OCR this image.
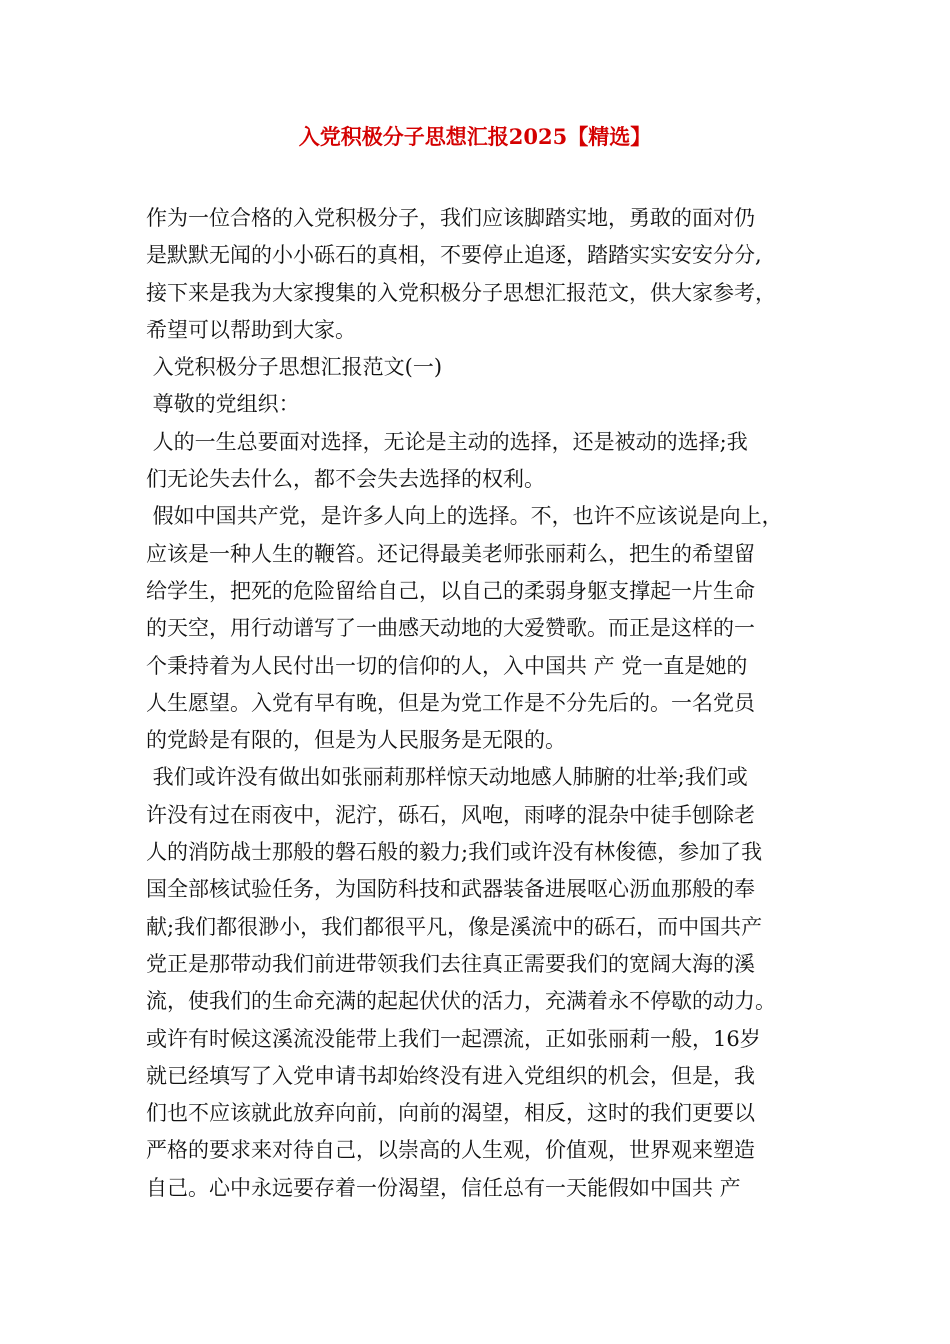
入党积极分子思想汇报2025【精选】

作为一位合格的入党积极分子，我们应该脚踏实地，勇敢的面对仍

是默默无闻的小小砾石的真相，不要停止追逐，踏踏实实安安分分,

接下来是我为大家搜集的入党积极分子思想汇报范文，供大家参考，

希望可以帮助到大家。

入党积极分子思想汇报范文(一)

尊敬的党组织：

人的一生总要面对选择，无论是主动的选择，还是被动的选择;我

们无论失去什么，都不会失去选择的权利。

假如中国共产党，是许多人向上的选择。不，也许不应该说是向上，

应该是一种人生的鞭笞。还记得最美老师张丽莉么，把生的希望留

给学生，把死的危险留给自己，以自己的柔弱身躯支撑起一片生命

的天空，用行动谱写了一曲感天动地的大爱赞歌。而正是这样的一

个秉持着为人民付出一切的信仰的人，入中国共 产 党一直是她的

人生愿望。入党有早有晚，但是为党工作是不分先后的。一名党员

的党龄是有限的，但是为人民服务是无限的。

我们或许没有做出如张丽莉那样惊天动地感人肺腑的壮举;我们或

许没有过在雨夜中，泥泞，砾石，风咆，雨哮的混杂中徒手刨除老

人的消防战士那般的磐石般的毅力;我们或许没有林俊德，参加了我

国全部核试验任务，为国防科技和武器装备进展呕心沥血那般的奉

献;我们都很渺小，我们都很平凡，像是溪流中的砾石，而中国共产

党正是那带动我们前进带领我们去往真正需要我们的宽阔大海的溪

流，使我们的生命充满的起起伏伏的活力，充满着永不停歇的动力。

或许有时候这溪流没能带上我们一起漂流，正如张丽莉一般，16岁

就已经填写了入党申请书却始终没有进入党组织的机会，但是，我

们也不应该就此放弃向前，向前的渴望，相反，这时的我们更要以

严格的要求来对待自己，以崇高的人生观，价值观，世界观来塑造

自己。心中永远要存着一份渴望，信任总有一天能假如中国共 产
